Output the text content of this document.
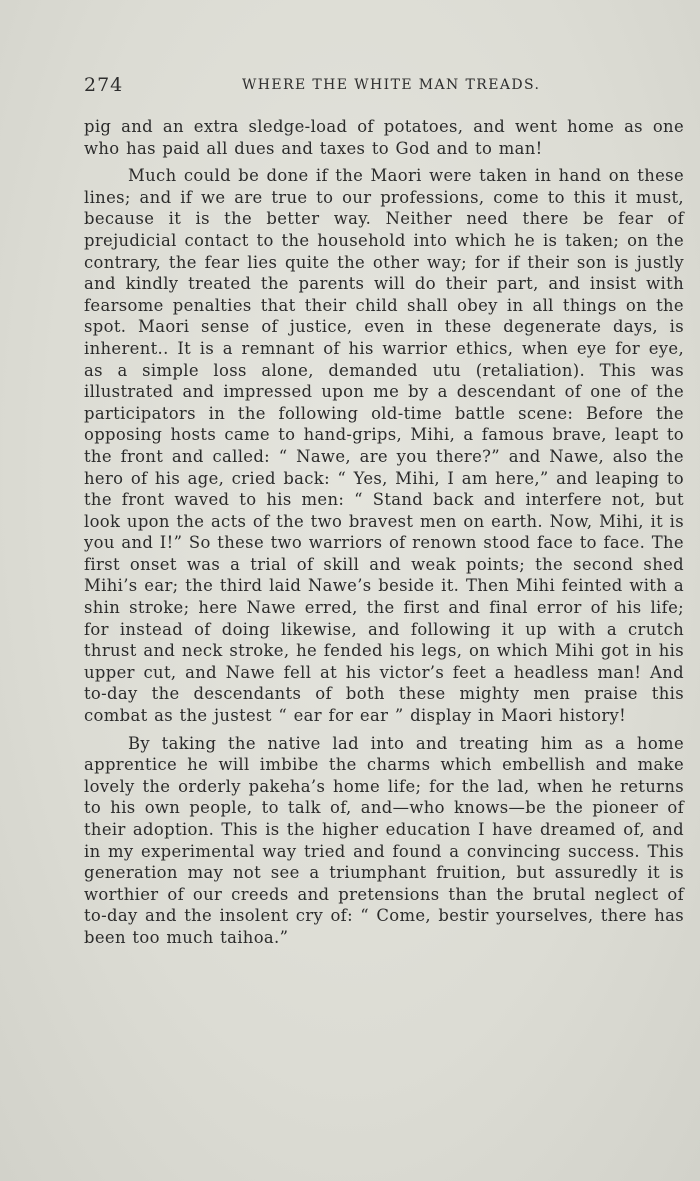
274	WHERE THE WHITE MAN TREADS.

pig and an extra sledge-load of potatoes, and went home as one who has paid all dues and taxes to God and to man!

Much could be done if the Maori were taken in hand on these lines; and if we are true to our professions, come to this it must, because it is the better way. Neither need there be fear of prejudicial contact to the household into which he is taken; on the contrary, the fear lies quite the other way; for if their son is justly and kindly treated the parents will do their part, and insist with fearsome penalties that their child shall obey in all things on the spot. Maori sense of justice, even in these degenerate days, is inherent.. It is a remnant of his warrior ethics, when eye for eye, as a simple loss alone, demanded utu (retaliation). This was illustrated and impressed upon me by a descendant of one of the participators in the following old-time battle scene: Before the opposing hosts came to hand-grips, Mihi, a famous brave, leapt to the front and called: “ Nawe, are you there?” and Nawe, also the hero of his age, cried back: “ Yes, Mihi, I am here,” and leaping to the front waved to his men: “ Stand back and interfere not, but look upon the acts of the two bravest men on earth. Now, Mihi, it is you and I!” So these two warriors of renown stood face to face. The first onset was a trial of skill and weak points; the second shed Mihi’s ear; the third laid Nawe’s beside it. Then Mihi feinted with a shin stroke; here Nawe erred, the first and final error of his life; for instead of doing likewise, and following it up with a crutch thrust and neck stroke, he fended his legs, on which Mihi got in his upper cut, and Nawe fell at his victor’s feet a headless man! And to-day the descendants of both these mighty men praise this combat as the justest “ ear for ear ” display in Maori history!

By taking the native lad into and treating him as a home apprentice he will imbibe the charms which embellish and make lovely the orderly pakeha’s home life; for the lad, when he returns to his own people, to talk of, and—who knows—be the pioneer of their adoption. This is the higher education I have dreamed of, and in my experimental way tried and found a convincing success. This generation may not see a triumphant fruition, but assuredly it is worthier of our creeds and pretensions than the brutal neglect of to-day and the insolent cry of: “ Come, bestir yourselves, there has been too much taihoa.”
